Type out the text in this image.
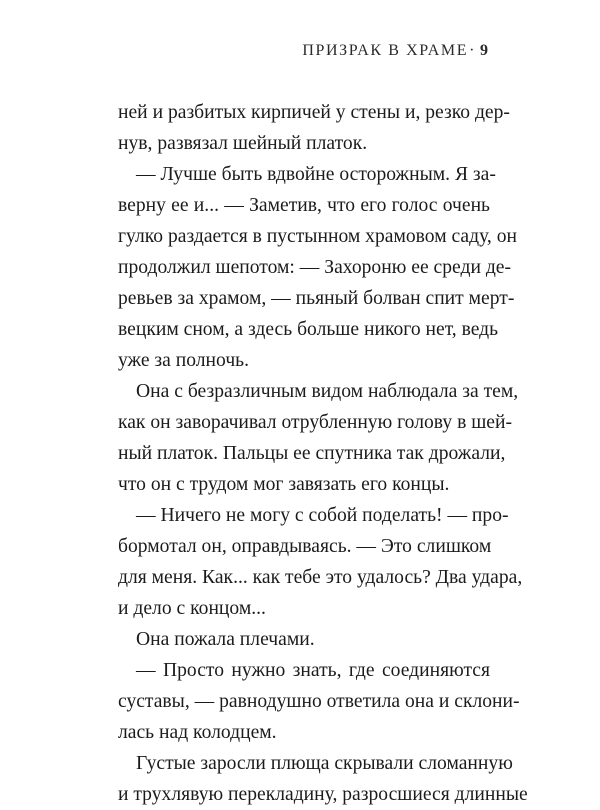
ПРИЗРАК В ХРАМЕ· 9
ней и разбитых кирпичей у стены и, резко дер-
нув, развязал шейный платок.
— Лучше быть вдвойне осторожным. Я за-
верну ее и... — Заметив, что его голос очень
гулко раздается в пустынном храмовом саду, он
продолжил шепотом: — Захороню ее среди де-
ревьев за храмом, — пьяный болван спит мерт-
вецким сном, а здесь больше никого нет, ведь
уже за полночь.
Она с безразличным видом наблюдала за тем,
как он заворачивал отрубленную голову в шей-
ный платок. Пальцы ее спутника так дрожали,
что он с трудом мог завязать его концы.
— Ничего не могу с собой поделать! — про-
бормотал он, оправдываясь. — Это слишком
для меня. Как... как тебе это удалось? Два удара,
и дело с концом...
Она пожала плечами.
— Просто нужно знать, где соединяются
суставы, — равнодушно ответила она и склони-
лась над колодцем.
Густые заросли плюща скрывали сломанную
и трухлявую перекладину, разросшиеся длинные
